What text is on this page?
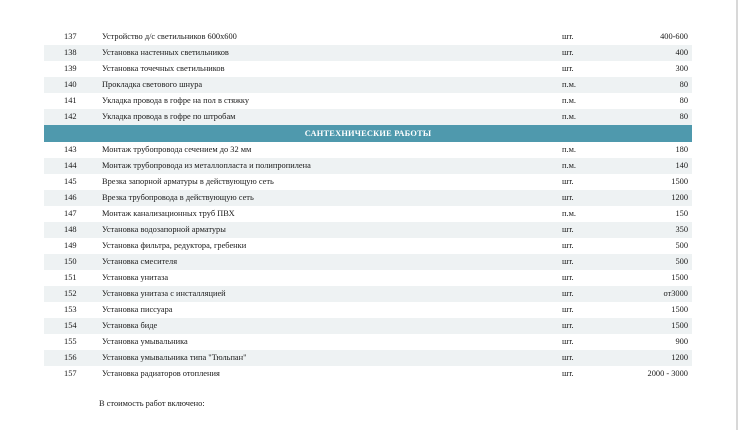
137	Устройство д/с светильников 600х600	шт.	400-600
138	Установка настенных светильников	шт.	400
139	Установка точечных светильников	шт.	300
140	Прокладка светового шнура	п.м.	80
141	Укладка провода в гофре на пол в стяжку	п.м.	80
142	Укладка провода в гофре по штробам	п.м.	80
САНТЕХНИЧЕСКИЕ РАБОТЫ			
143	Монтаж трубопровода сечением до 32 мм	п.м.	180
144	Монтаж трубопровода из металлопласта и полипропилена	п.м.	140
145	Врезка запорной арматуры в действующую сеть	шт.	1500
146	Врезка трубопровода в действующую сеть	шт.	1200
147	Монтаж канализационных труб ПВХ	п.м.	150
148	Установка водозапорной арматуры	шт.	350
149	Установка фильтра, редуктора, гребенки	шт.	500
150	Установка смесителя	шт.	500
151	Установка унитаза	шт.	1500
152	Установка унитаза с инсталляцией	шт.	от3000
153	Установка писсуара	шт.	1500
154	Установка биде	шт.	1500
155	Установка умывальника	шт.	900
156	Установка умывальника типа "Тюльпан"	шт.	1200
157	Установка радиаторов отопления	шт.	2000 - 3000
В стоимость работ включено:
